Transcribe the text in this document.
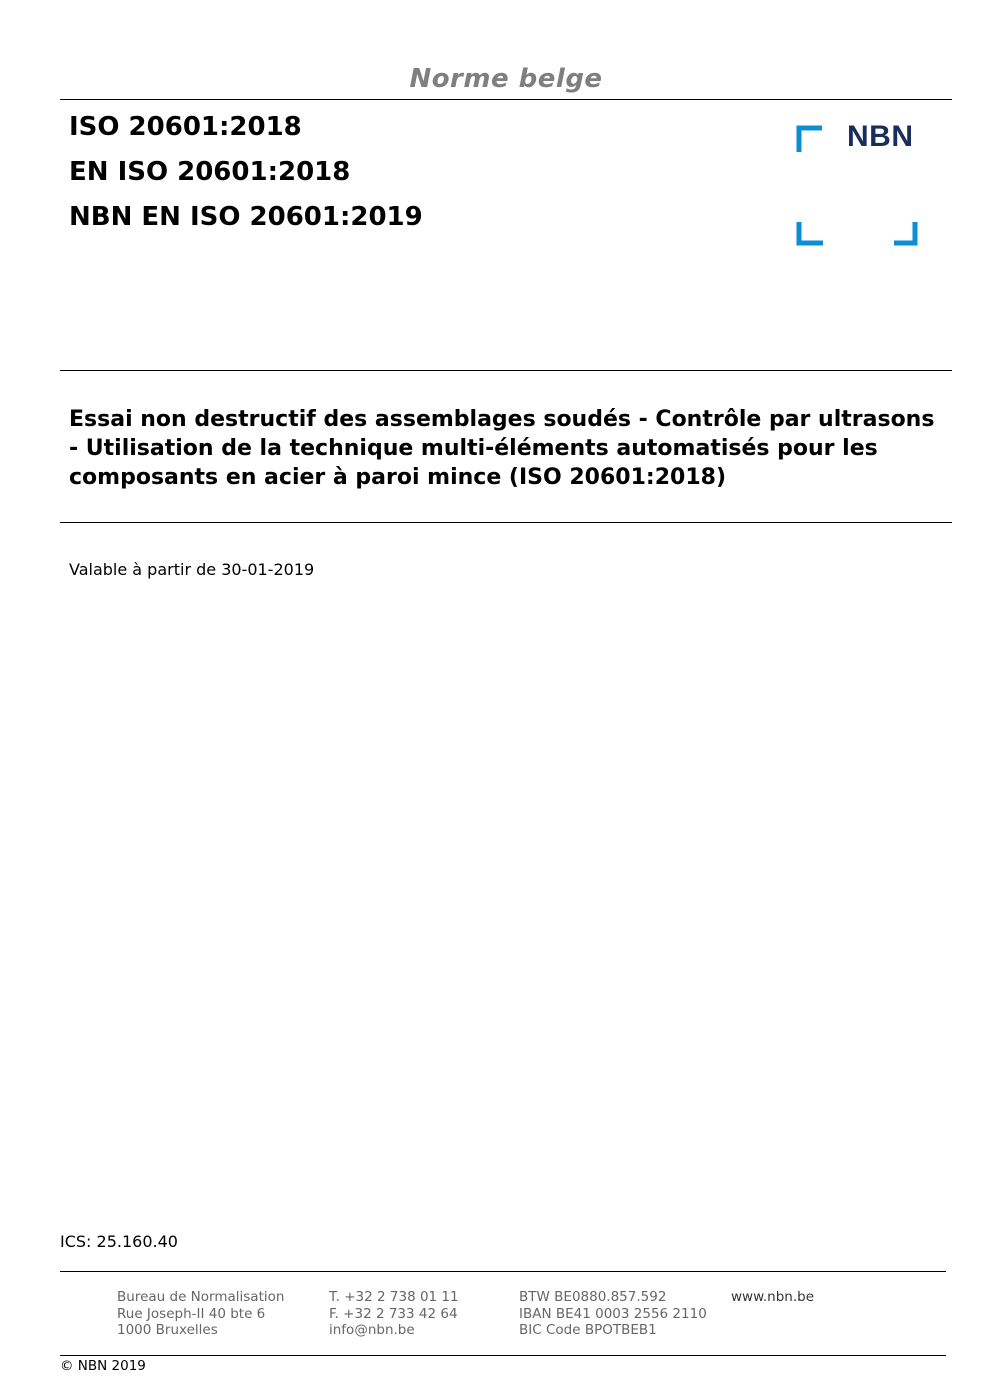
Norme belge
ISO 20601:2018
EN ISO 20601:2018
NBN EN ISO 20601:2019
NBN
Essai non destructif des assemblages soudés - Contrôle par ultrasons - Utilisation de la technique multi-éléments automatisés pour les composants en acier à paroi mince (ISO 20601:2018)
Valable à partir de 30-01-2019
ICS: 25.160.40
Bureau de Normalisation
Rue Joseph-II 40 bte 6
1000 Bruxelles
T. +32 2 738 01 11
F. +32 2 733 42 64
info@nbn.be
BTW BE0880.857.592
IBAN BE41 0003 2556 2110
BIC Code BPOTBEB1
www.nbn.be
© NBN 2019
